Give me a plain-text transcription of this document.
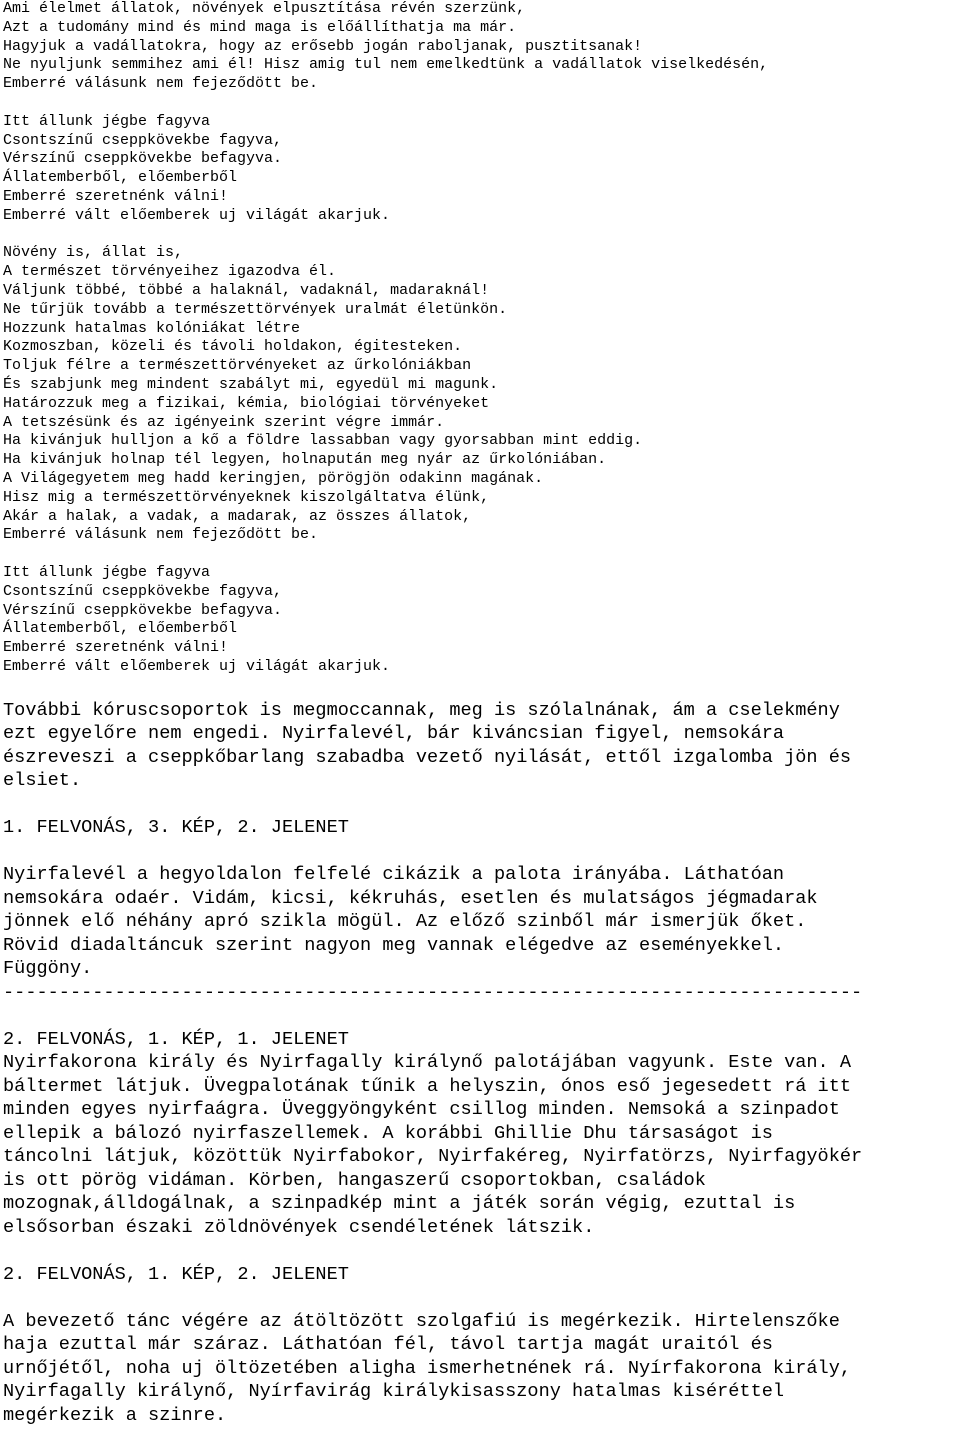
Ami élelmet állatok, növények elpusztítása révén szerzünk,
Azt a tudomány mind és mind maga is előállíthatja ma már.
Hagyjuk a vadállatokra, hogy az erősebb jogán raboljanak, pusztitsanak!
Ne nyuljunk semmihez ami él! Hisz amig tul nem emelkedtünk a vadállatok viselkedésén,
Emberré válásunk nem fejeződött be.
Itt állunk jégbe fagyva
Csontszínű cseppkövekbe fagyva,
Vérszínű cseppkövekbe befagyva.
Állatemberből, előemberből
Emberré szeretnénk válni!
Emberré vált előemberek uj világát akarjuk.
Növény is, állat is,
A természet törvényeihez igazodva él.
Váljunk többé, többé a halaknál, vadaknál, madaraknál!
Ne tűrjük tovább a természettörvények uralmát életünkön.
Hozzunk hatalmas kolóniákat létre
Kozmoszban, közeli és távoli holdakon, égitesteken.
Toljuk félre a természettörvényeket az űrkolóniákban
És szabjunk meg mindent szabályt mi, egyedül mi magunk.
Határozzuk meg a fizikai, kémia, biológiai törvényeket
A tetszésünk és az igényeink szerint végre immár.
Ha kivánjuk hulljon a kő a földre lassabban vagy gyorsabban mint eddig.
Ha kivánjuk holnap tél legyen, holnapután meg nyár az űrkolóniában.
A Világegyetem meg hadd keringjen, pörögjön odakinn magának.
Hisz mig a természettörvényeknek kiszolgáltatva élünk,
Akár a halak, a vadak, a madarak, az összes állatok,
Emberré válásunk nem fejeződött be.
Itt állunk jégbe fagyva
Csontszínű cseppkövekbe fagyva,
Vérszínű cseppkövekbe befagyva.
Állatemberből, előemberből
Emberré szeretnénk válni!
Emberré vált előemberek uj világát akarjuk.
További kóruscsoportok is megmoccannak, meg is szólalnának, ám a cselekmény
ezt egyelőre nem engedi. Nyirfalevél, bár kiváncsian figyel, nemsokára
észreveszi a cseppkőbarlang szabadba vezető nyilását, ettől izgalomba jön és
elsiet.
1. FELVONÁS, 3. KÉP, 2. JELENET
Nyirfalevél a hegyoldalon felfelé cikázik a palota irányába. Láthatóan
nemsokára odaér. Vidám, kicsi, kékruhás, esetlen és mulatságos jégmadarak
jönnek elő néhány apró szikla mögül. Az előző szinből már ismerjük őket.
Rövid diadaltáncuk szerint nagyon meg vannak elégedve az eseményekkel.
Függöny.
-----------------------------------------------------------------------------
2. FELVONÁS, 1. KÉP, 1. JELENET
Nyirfakorona király és Nyirfagally királynő palotájában vagyunk. Este van. A
báltermet látjuk. Üvegpalotának tűnik a helyszin, ónos eső jegesedett rá itt
minden egyes nyirfaágra. Üveggyöngyként csillog minden. Nemsoká a szinpadot
ellepik a bálozó nyirfaszellemek. A korábbi Ghillie Dhu társaságot is
táncolni látjuk, közöttük Nyirfabokor, Nyirfakéreg, Nyirfatörzs, Nyirfagyökér
is ott pörög vidáman. Körben, hangaszerű csoportokban, családok
mozognak,álldogálnak, a szinpadkép mint a játék során végig, ezuttal is
elsősorban északi zöldnövények csendéletének látszik.
2. FELVONÁS, 1. KÉP, 2. JELENET
A bevezető tánc végére az átöltözött szolgafiú is megérkezik. Hirtelenszőke
haja ezuttal már száraz. Láthatóan fél, távol tartja magát uraitól és
urnőjétől, noha uj öltözetében aligha ismerhetnének rá. Nyírfakorona király,
Nyirfagally királynő, Nyírfavirág királykisasszony hatalmas kiséréttel
megérkezik a szinre.
